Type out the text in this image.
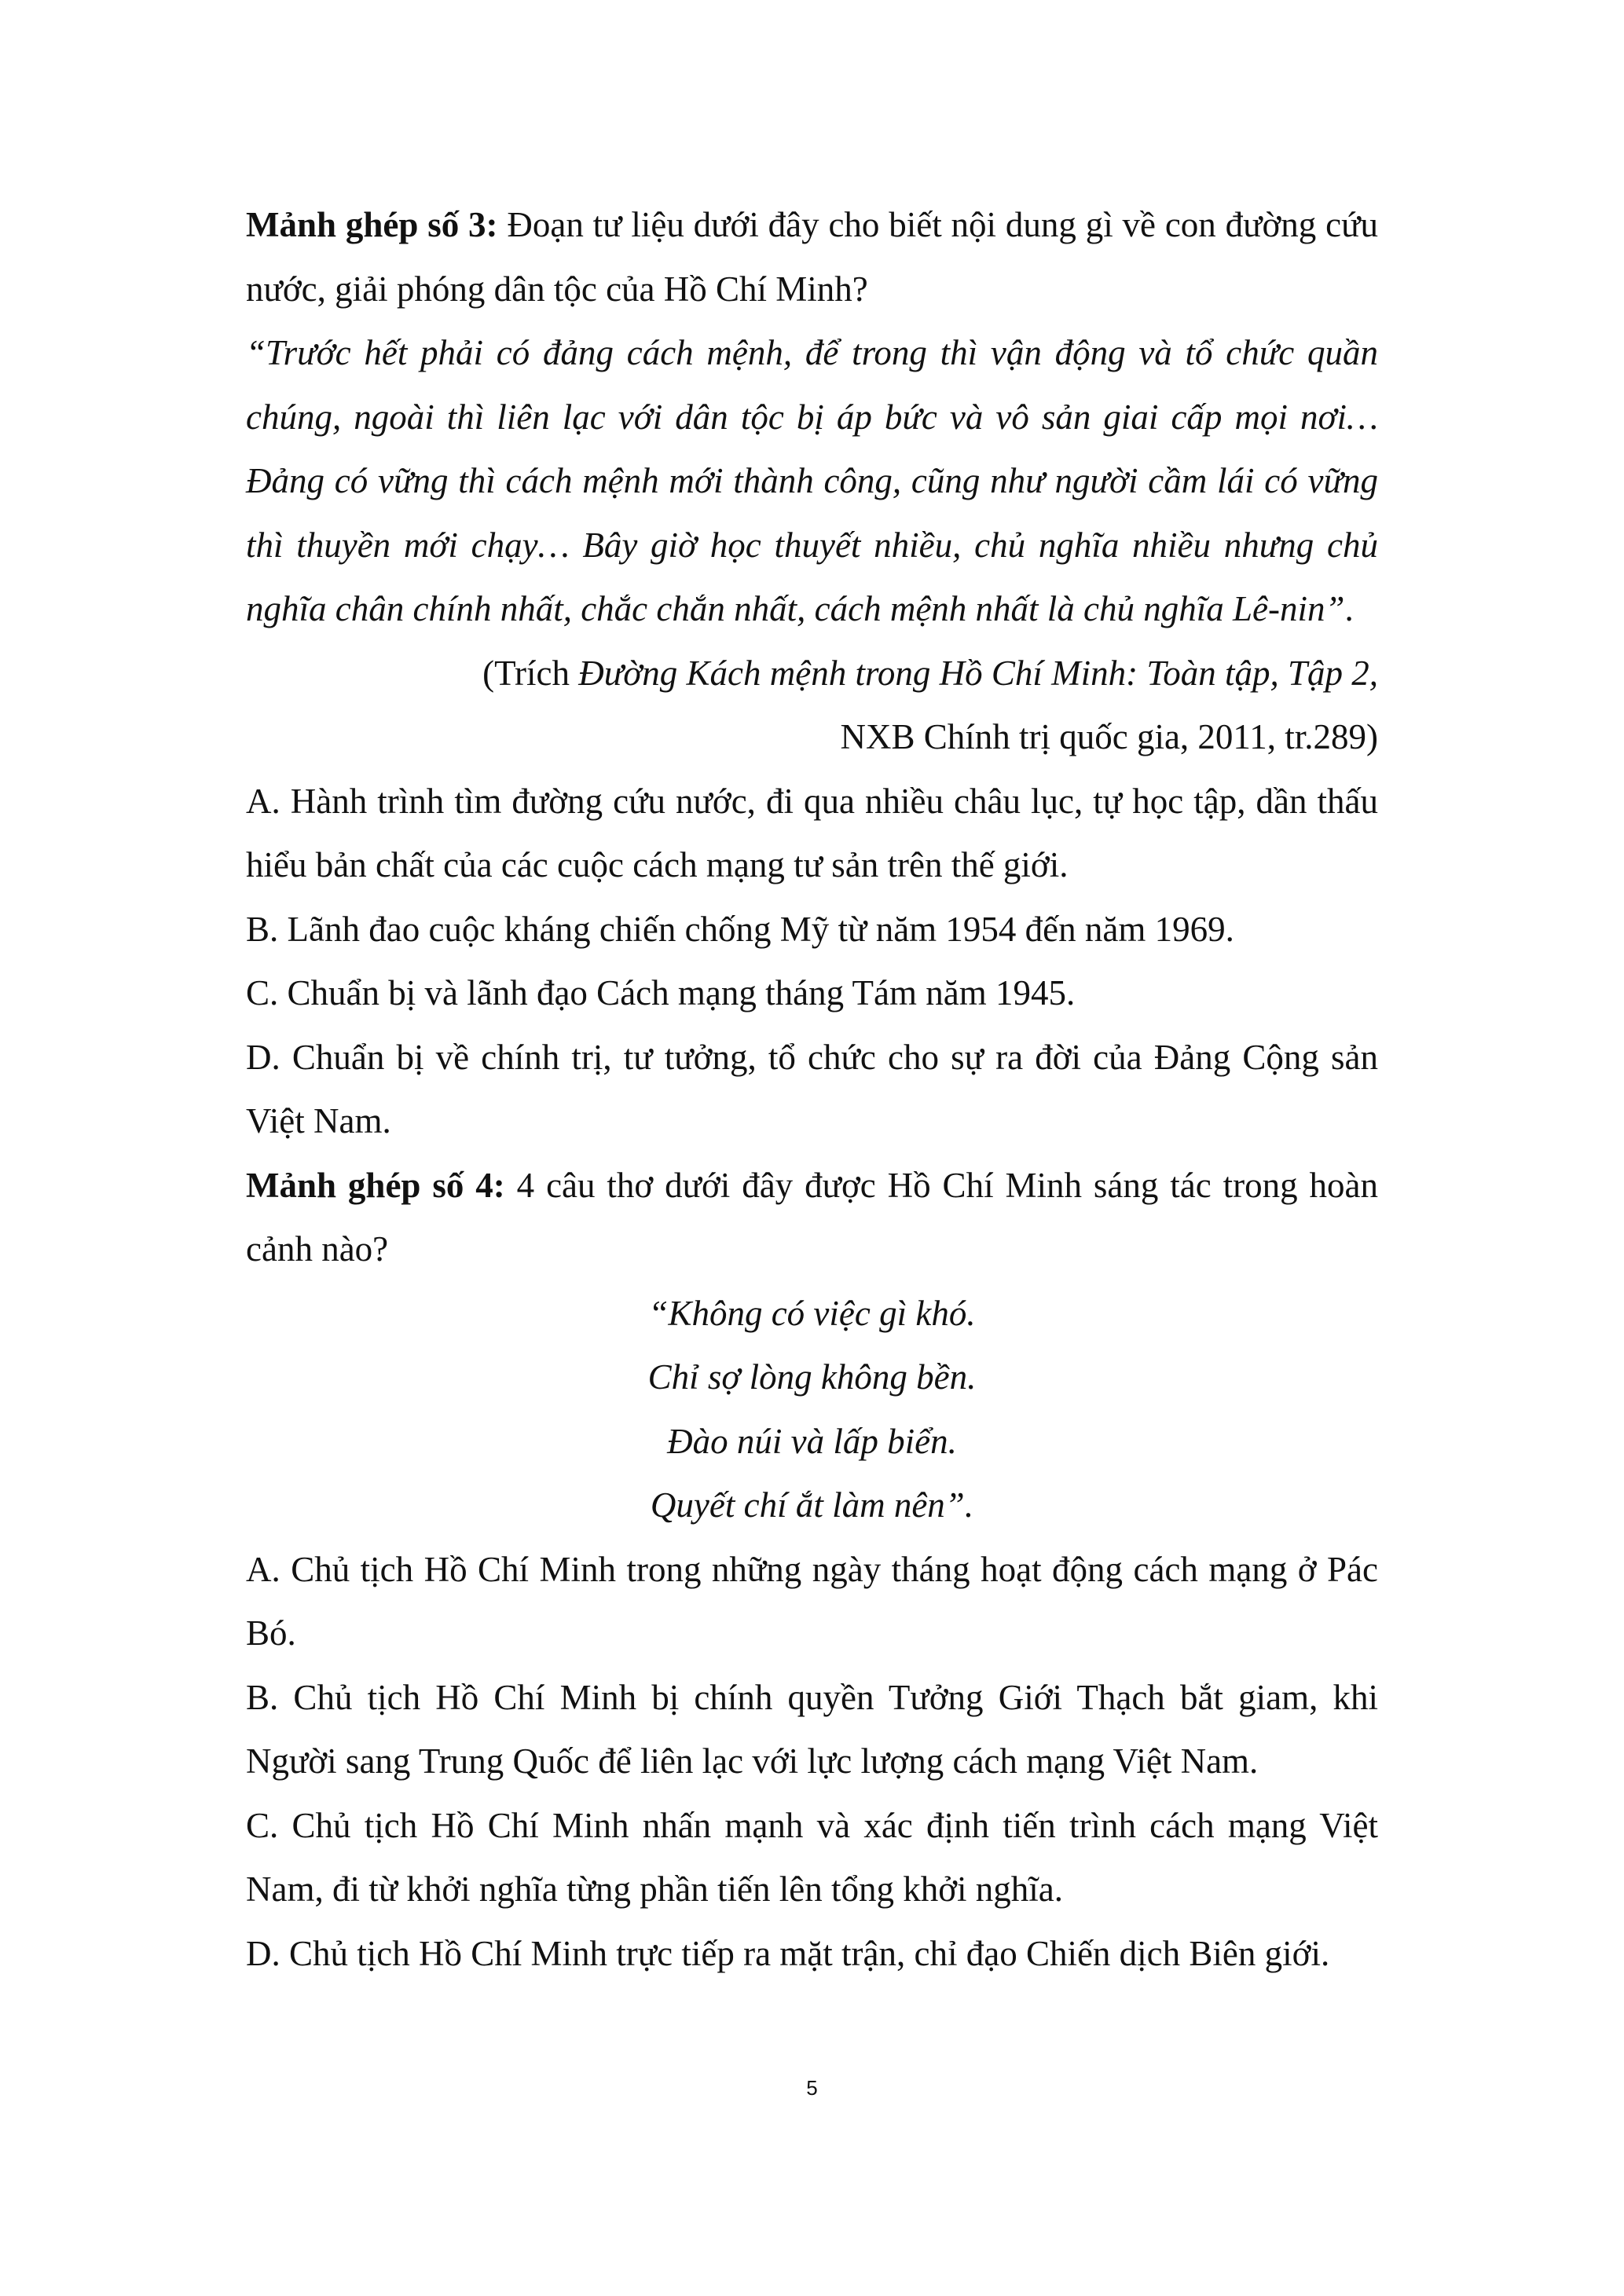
Mảnh ghép số 3: Đoạn tư liệu dưới đây cho biết nội dung gì về con đường cứu nước, giải phóng dân tộc của Hồ Chí Minh?

“Trước hết phải có đảng cách mệnh, để trong thì vận động và tổ chức quần chúng, ngoài thì liên lạc với dân tộc bị áp bức và vô sản giai cấp mọi nơi… Đảng có vững thì cách mệnh mới thành công, cũng như người cầm lái có vững thì thuyền mới chạy… Bây giờ học thuyết nhiều, chủ nghĩa nhiều nhưng chủ nghĩa chân chính nhất, chắc chắn nhất, cách mệnh nhất là chủ nghĩa Lê-nin”.

(Trích Đường Kách mệnh trong Hồ Chí Minh: Toàn tập, Tập 2,

NXB Chính trị quốc gia, 2011, tr.289)

A. Hành trình tìm đường cứu nước, đi qua nhiều châu lục, tự học tập, dần thấu hiểu bản chất của các cuộc cách mạng tư sản trên thế giới.

B. Lãnh đao cuộc kháng chiến chống Mỹ từ năm 1954 đến năm 1969.

C. Chuẩn bị và lãnh đạo Cách mạng tháng Tám năm 1945.

D. Chuẩn bị về chính trị, tư tưởng, tổ chức cho sự ra đời của Đảng Cộng sản Việt Nam.

Mảnh ghép số 4: 4 câu thơ dưới đây được Hồ Chí Minh sáng tác trong hoàn cảnh nào?

“Không có việc gì khó.

Chỉ sợ lòng không bền.

Đào núi và lấp biển.

Quyết chí ắt làm nên”.

A. Chủ tịch Hồ Chí Minh trong những ngày tháng hoạt động cách mạng ở Pác Bó.

B. Chủ tịch Hồ Chí Minh bị chính quyền Tưởng Giới Thạch bắt giam, khi Người sang Trung Quốc để liên lạc với lực lượng cách mạng Việt Nam.

C. Chủ tịch Hồ Chí Minh nhấn mạnh và xác định tiến trình cách mạng Việt Nam, đi từ khởi nghĩa từng phần tiến lên tổng khởi nghĩa.

D. Chủ tịch Hồ Chí Minh trực tiếp ra mặt trận, chỉ đạo Chiến dịch Biên giới.

5
